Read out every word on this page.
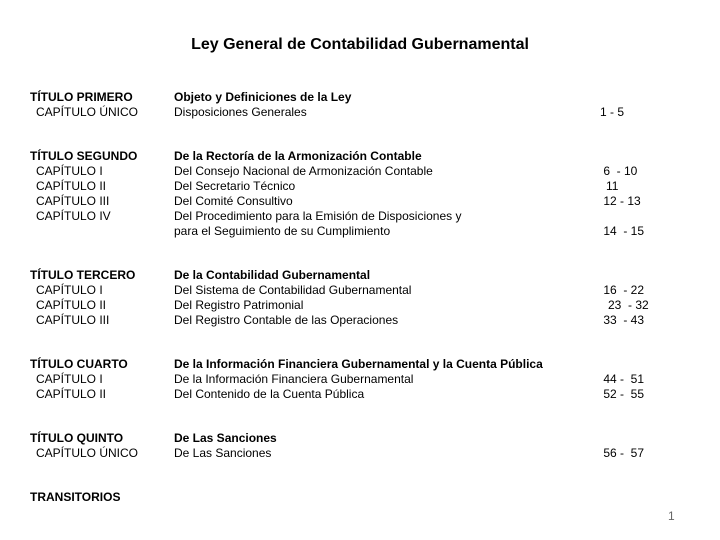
Ley General de Contabilidad Gubernamental
TÍTULO PRIMERO	Objeto y Definiciones de la Ley
CAPÍTULO ÚNICO	Disposiciones Generales	1 - 5
TÍTULO SEGUNDO	De la Rectoría de la Armonización Contable
CAPÍTULO I	Del Consejo Nacional de Armonización Contable	6  - 10
CAPÍTULO II	Del Secretario Técnico	11
CAPÍTULO III	Del Comité Consultivo	12 - 13
CAPÍTULO IV	Del Procedimiento para la Emisión de Disposiciones y
para el Seguimiento de su Cumplimiento	14  - 15
TÍTULO TERCERO	De la Contabilidad Gubernamental
CAPÍTULO I	Del Sistema de Contabilidad Gubernamental	16  - 22
CAPÍTULO II	Del Registro Patrimonial	23  - 32
CAPÍTULO III	Del Registro Contable de las Operaciones	33  - 43
TÍTULO CUARTO	De la Información Financiera Gubernamental y la Cuenta Pública
CAPÍTULO I	De la Información Financiera Gubernamental	44 -  51
CAPÍTULO II	Del Contenido de la Cuenta Pública	52 -  55
TÍTULO QUINTO	De Las Sanciones
CAPÍTULO ÚNICO	De Las Sanciones	56 -  57
TRANSITORIOS
1
